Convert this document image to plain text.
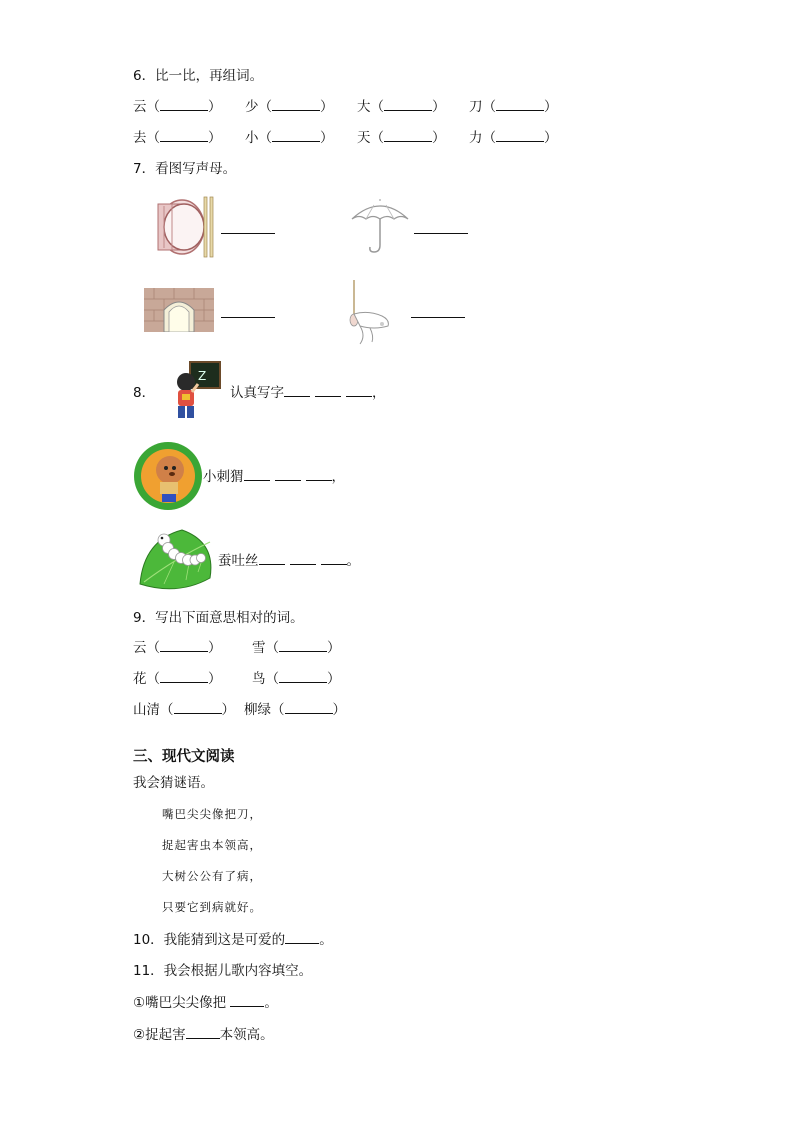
6．比一比，再组词。
云（	） 少（	） 大（	） 刀（	）
去（	） 小（	） 天（	） 力（	）
7．看图写声母。
8．
Z
认真写字	，
小刺猬	，
蚕吐丝	。
9．写出下面意思相对的词。
云（	） 雪（	）
花（	） 鸟（	）
山清（	） 柳绿（	）
三、现代文阅读
我会猜谜语。
嘴巴尖尖像把刀，
捉起害虫本领高，
大树公公有了病，
只要它到病就好。
10．我能猜到这是可爱的	。
11．我会根据儿歌内容填空。
①嘴巴尖尖像把	。
②捉起害	本领高。
